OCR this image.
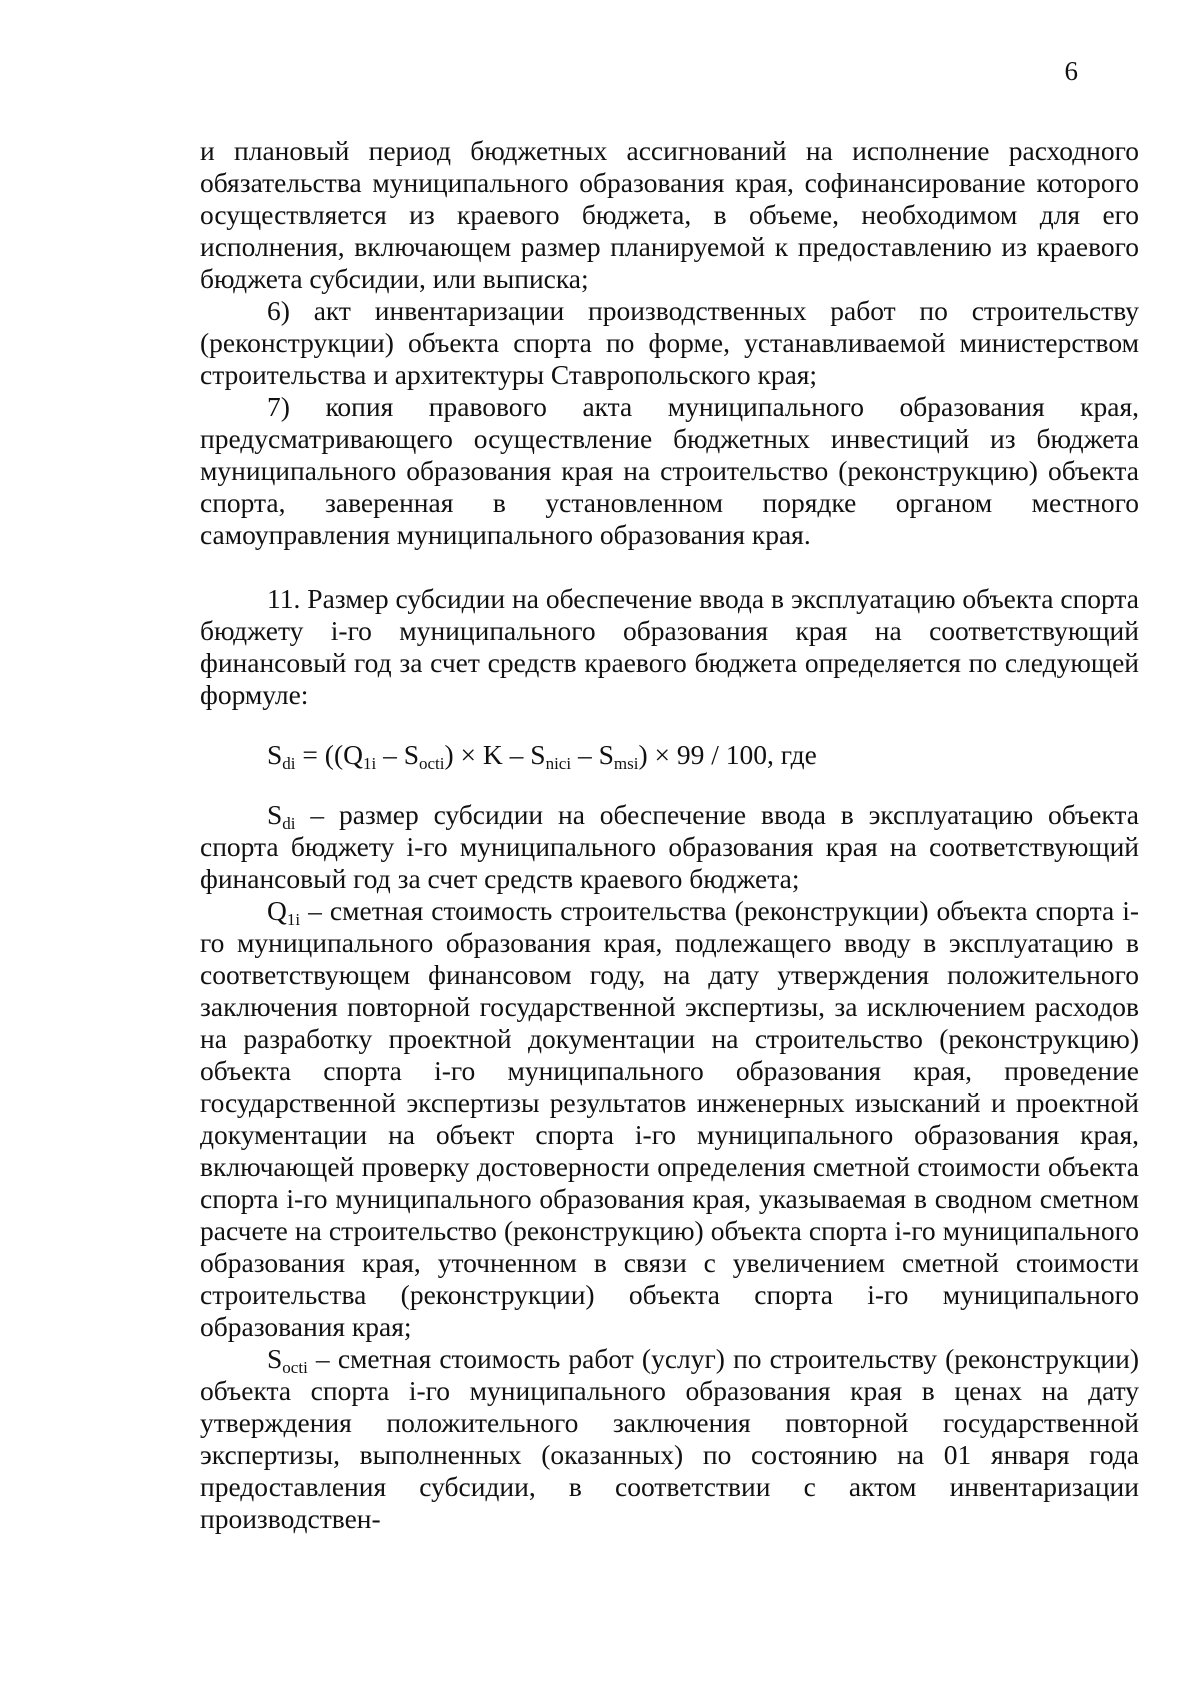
6

и плановый период бюджетных ассигнований на исполнение расходного обязательства муниципального образования края, софинансирование которого осуществляется из краевого бюджета, в объеме, необходимом для его исполнения, включающем размер планируемой к предоставлению из краевого бюджета субсидии, или выписка;

6) акт инвентаризации производственных работ по строительству (реконструкции) объекта спорта по форме, устанавливаемой министерством строительства и архитектуры Ставропольского края;

7) копия правового акта муниципального образования края, предусматривающего осуществление бюджетных инвестиций из бюджета муниципального образования края на строительство (реконструкцию) объекта спорта, заверенная в установленном порядке органом местного самоуправления муниципального образования края.

11. Размер субсидии на обеспечение ввода в эксплуатацию объекта спорта бюджету i-го муниципального образования края на соответствующий финансовый год за счет средств краевого бюджета определяется по следующей формуле:

$S_{di} = ((Q_{1i} - S_{octi}) \times K - S_{nici} - S_{msi}) \times 99 / 100$, где

$S_{di}$ – размер субсидии на обеспечение ввода в эксплуатацию объекта спорта бюджету i-го муниципального образования края на соответствующий финансовый год за счет средств краевого бюджета;

$Q_{1i}$ – сметная стоимость строительства (реконструкции) объекта спорта i-го муниципального образования края, подлежащего вводу в эксплуатацию в соответствующем финансовом году, на дату утверждения положительного заключения повторной государственной экспертизы, за исключением расходов на разработку проектной документации на строительство (реконструкцию) объекта спорта i-го муниципального образования края, проведение государственной экспертизы результатов инженерных изысканий и проектной документации на объект спорта i-го муниципального образования края, включающей проверку достоверности определения сметной стоимости объекта спорта i-го муниципального образования края, указываемая в сводном сметном расчете на строительство (реконструкцию) объекта спорта i-го муниципального образования края, уточненном в связи с увеличением сметной стоимости строительства (реконструкции) объекта спорта i-го муниципального образования края;

$S_{octi}$ – сметная стоимость работ (услуг) по строительству (реконструкции) объекта спорта i-го муниципального образования края в ценах на дату утверждения положительного заключения повторной государственной экспертизы, выполненных (оказанных) по состоянию на 01 января года предоставления субсидии, в соответствии с актом инвентаризации производствен-
